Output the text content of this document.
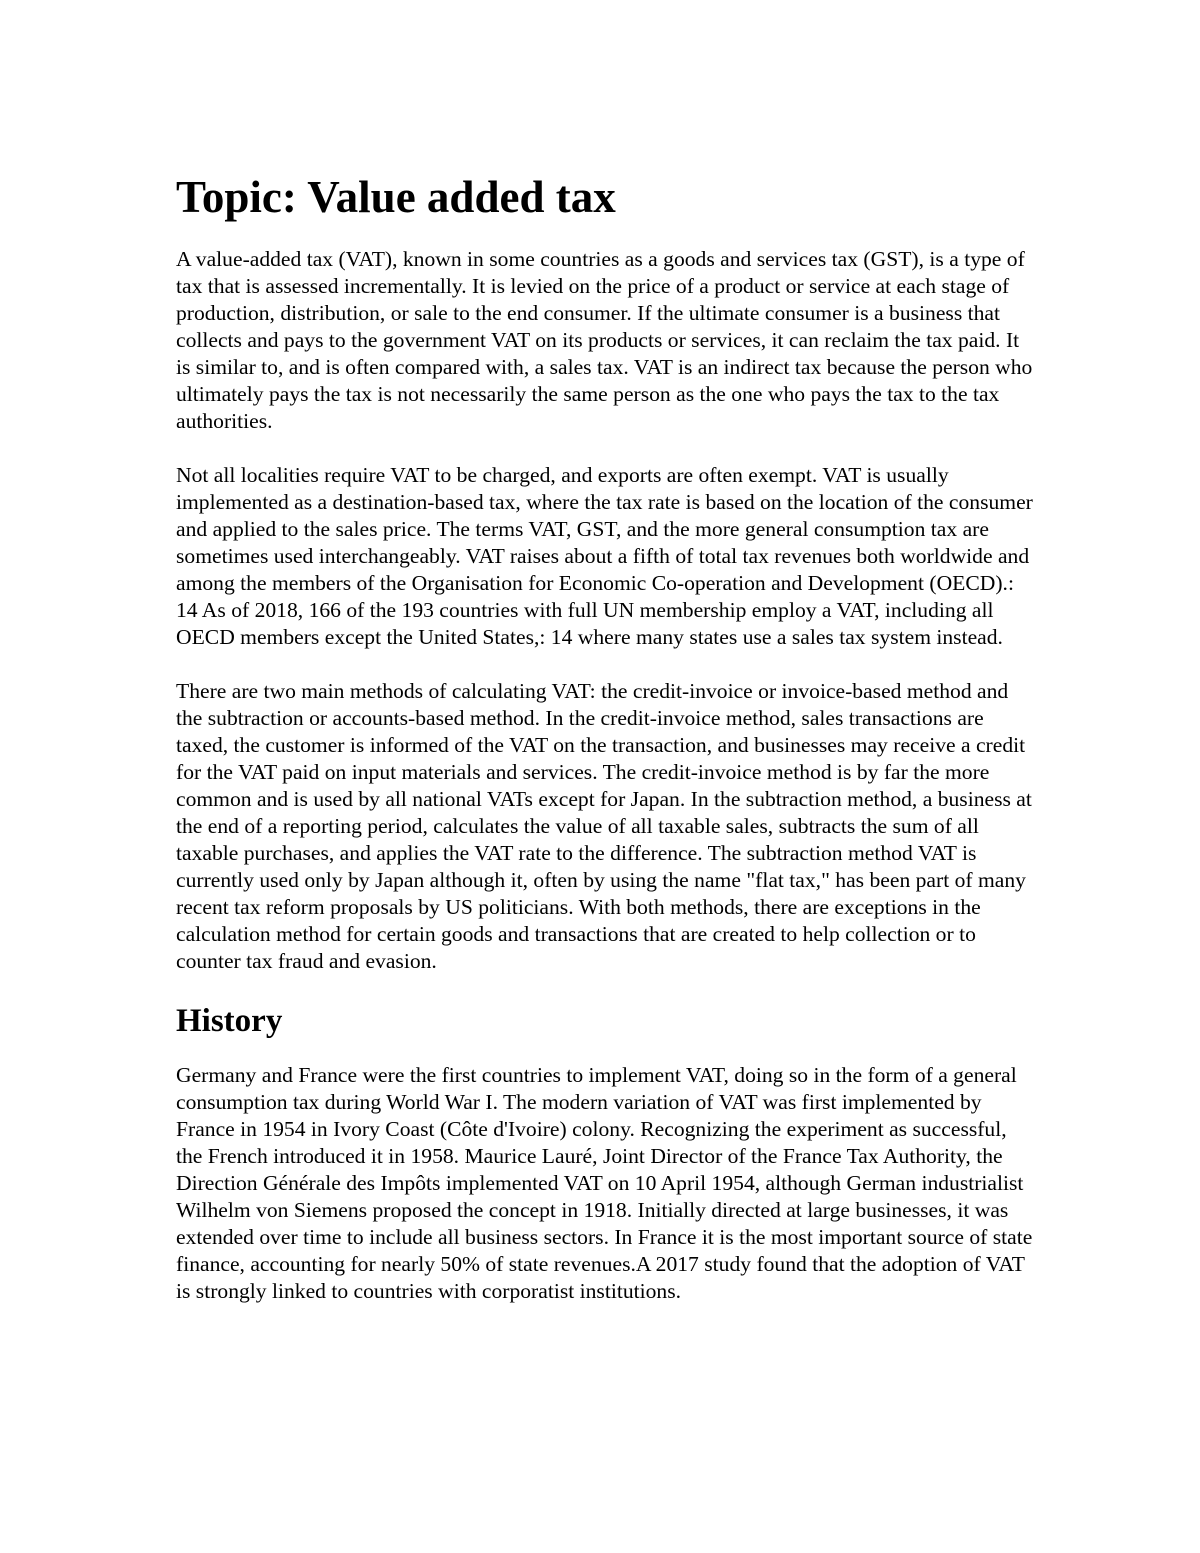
Topic: Value added tax

A value-added tax (VAT), known in some countries as a goods and services tax (GST), is a type of tax that is assessed incrementally. It is levied on the price of a product or service at each stage of production, distribution, or sale to the end consumer. If the ultimate consumer is a business that collects and pays to the government VAT on its products or services, it can reclaim the tax paid. It is similar to, and is often compared with, a sales tax. VAT is an indirect tax because the person who ultimately pays the tax is not necessarily the same person as the one who pays the tax to the tax authorities.

Not all localities require VAT to be charged, and exports are often exempt. VAT is usually implemented as a destination-based tax, where the tax rate is based on the location of the consumer and applied to the sales price. The terms VAT, GST, and the more general consumption tax are sometimes used interchangeably. VAT raises about a fifth of total tax revenues both worldwide and among the members of the Organisation for Economic Co-operation and Development (OECD).: 14 As of 2018, 166 of the 193 countries with full UN membership employ a VAT, including all OECD members except the United States,: 14 where many states use a sales tax system instead.

There are two main methods of calculating VAT: the credit-invoice or invoice-based method and the subtraction or accounts-based method. In the credit-invoice method, sales transactions are taxed, the customer is informed of the VAT on the transaction, and businesses may receive a credit for the VAT paid on input materials and services. The credit-invoice method is by far the more common and is used by all national VATs except for Japan. In the subtraction method, a business at the end of a reporting period, calculates the value of all taxable sales, subtracts the sum of all taxable purchases, and applies the VAT rate to the difference. The subtraction method VAT is currently used only by Japan although it, often by using the name "flat tax," has been part of many recent tax reform proposals by US politicians. With both methods, there are exceptions in the calculation method for certain goods and transactions that are created to help collection or to counter tax fraud and evasion.

History

Germany and France were the first countries to implement VAT, doing so in the form of a general consumption tax during World War I. The modern variation of VAT was first implemented by France in 1954 in Ivory Coast (Côte d'Ivoire) colony. Recognizing the experiment as successful, the French introduced it in 1958. Maurice Lauré, Joint Director of the France Tax Authority, the Direction Générale des Impôts implemented VAT on 10 April 1954, although German industrialist Wilhelm von Siemens proposed the concept in 1918. Initially directed at large businesses, it was extended over time to include all business sectors. In France it is the most important source of state finance, accounting for nearly 50% of state revenues.A 2017 study found that the adoption of VAT is strongly linked to countries with corporatist institutions.
